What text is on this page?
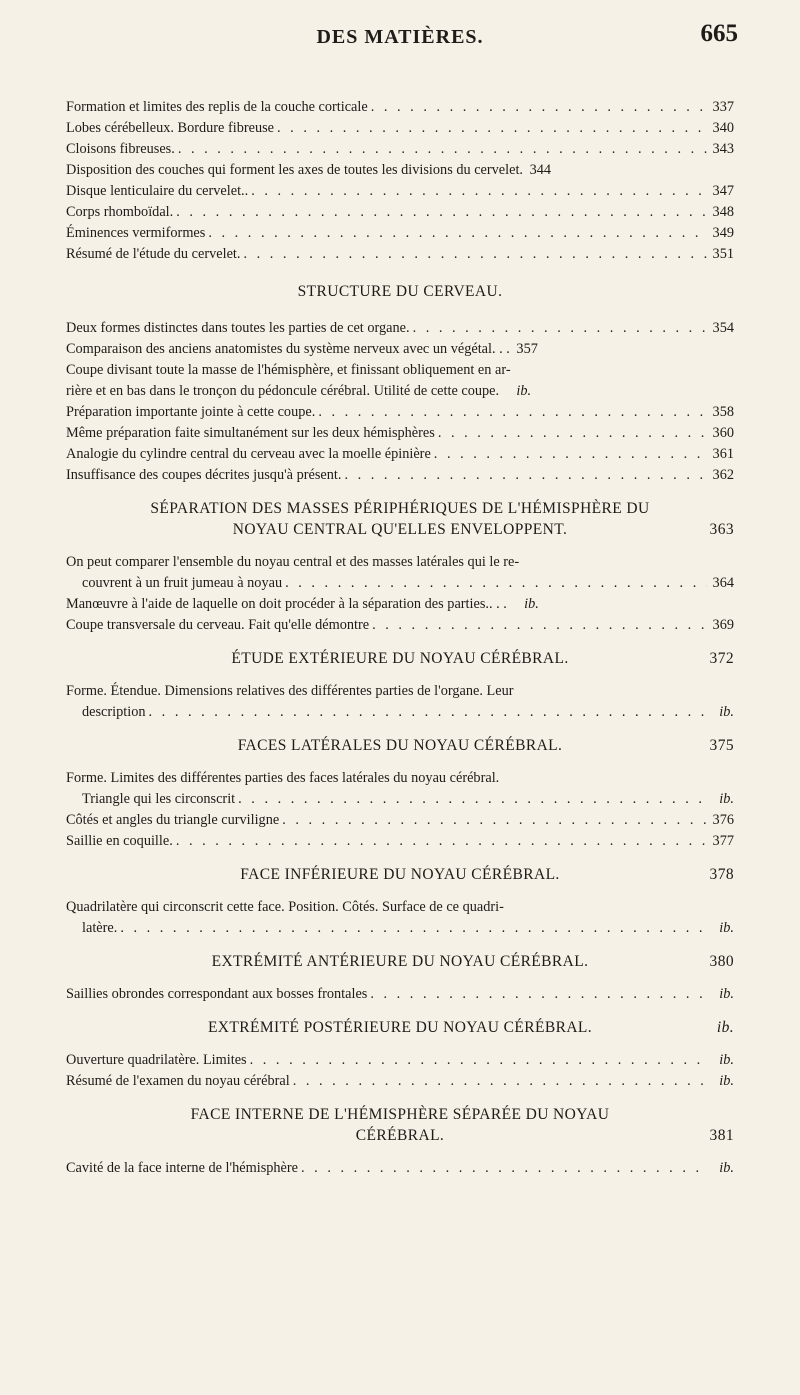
DES MATIÈRES.	665
Formation et limites des replis de la couche corticale . . .	337
Lobes cérébelleux. Bordure fibreuse . . .	340
Cloisons fibreuses. . . .	343
Disposition des couches qui forment les axes de toutes les divisions du cervelet. 344
Disque lenticulaire du cervelet.. . . .	347
Corps rhomboïdal. . . .	348
Éminences vermiformes . . .	349
Résumé de l'étude du cervelet. . . .	351
STRUCTURE DU CERVEAU.
Deux formes distinctes dans toutes les parties de cet organe. . . .	354
Comparaison des anciens anatomistes du système nerveux avec un végétal. . . 357
Coupe divisant toute la masse de l'hémisphère, et finissant obliquement en ar-
rière et en bas dans le tronçon du pédoncule cérébral. Utilité de cette coupe.	ib.
Préparation importante jointe à cette coupe. . . .	358
Même préparation faite simultanément sur les deux hémisphères . . .	360
Analogie du cylindre central du cerveau avec la moelle épinière . . .	361
Insuffisance des coupes décrites jusqu'à présent. . . .	362
SÉPARATION DES MASSES PÉRIPHÉRIQUES DE L'HÉMISPHÈRE DU
NOYAU CENTRAL QU'ELLES ENVELOPPENT.	363
On peut comparer l'ensemble du noyau central et des masses latérales qui le re-
couvrent à un fruit jumeau à noyau . . .	364
Manœuvre à l'aide de laquelle on doit procéder à la séparation des parties.. . .	ib.
Coupe transversale du cerveau. Fait qu'elle démontre . . .	369
ÉTUDE EXTÉRIEURE DU NOYAU CÉRÉBRAL.	372
Forme. Étendue. Dimensions relatives des différentes parties de l'organe. Leur
description . . .	ib.
FACES LATÉRALES DU NOYAU CÉRÉBRAL.	375
Forme. Limites des différentes parties des faces latérales du noyau cérébral.
Triangle qui les circonscrit . . .	ib.
Côtés et angles du triangle curviligne . . .	376
Saillie en coquille. . . .	377
FACE INFÉRIEURE DU NOYAU CÉRÉBRAL.	378
Quadrilatère qui circonscrit cette face. Position. Côtés. Surface de ce quadri-
latère. . . .	ib.
EXTRÉMITÉ ANTÉRIEURE DU NOYAU CÉRÉBRAL.	380
Saillies obrondes correspondant aux bosses frontales . . .	ib.
EXTRÉMITÉ POSTÉRIEURE DU NOYAU CÉRÉBRAL.	ib.
Ouverture quadrilatère. Limites . . .	ib.
Résumé de l'examen du noyau cérébral . . .	ib.
FACE INTERNE DE L'HÉMISPHÈRE SÉPARÉE DU NOYAU
CÉRÉBRAL.	381
Cavité de la face interne de l'hémisphère . . .	ib.
